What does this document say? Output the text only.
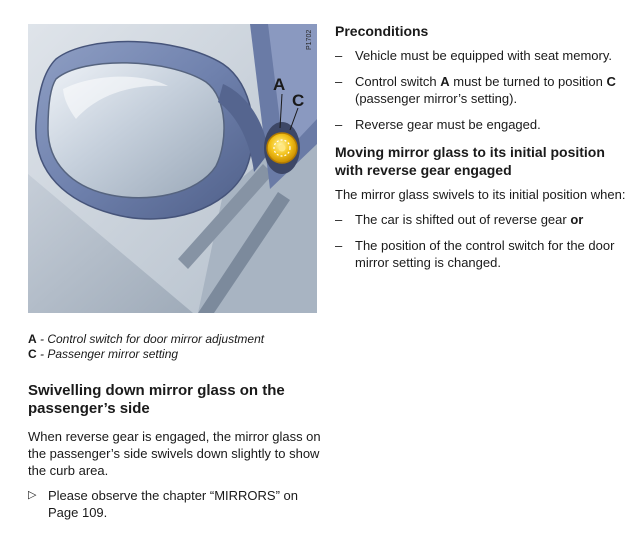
P1702
A
C
A - Control switch for door mirror adjustment
C - Passenger mirror setting
Swivelling down mirror glass on the passenger’s side

When reverse gear is engaged, the mirror glass on the passenger’s side swivels down slightly to show the curb area.

▷ Please observe the chapter “MIRRORS” on Page 109.
Preconditions
– Vehicle must be equipped with seat memory.
– Control switch A must be turned to position C (passenger mirror’s setting).
– Reverse gear must be engaged.
Moving mirror glass to its initial position with reverse gear engaged

The mirror glass swivels to its initial position when:

– The car is shifted out of reverse gear or
– The position of the control switch for the door mirror setting is changed.
